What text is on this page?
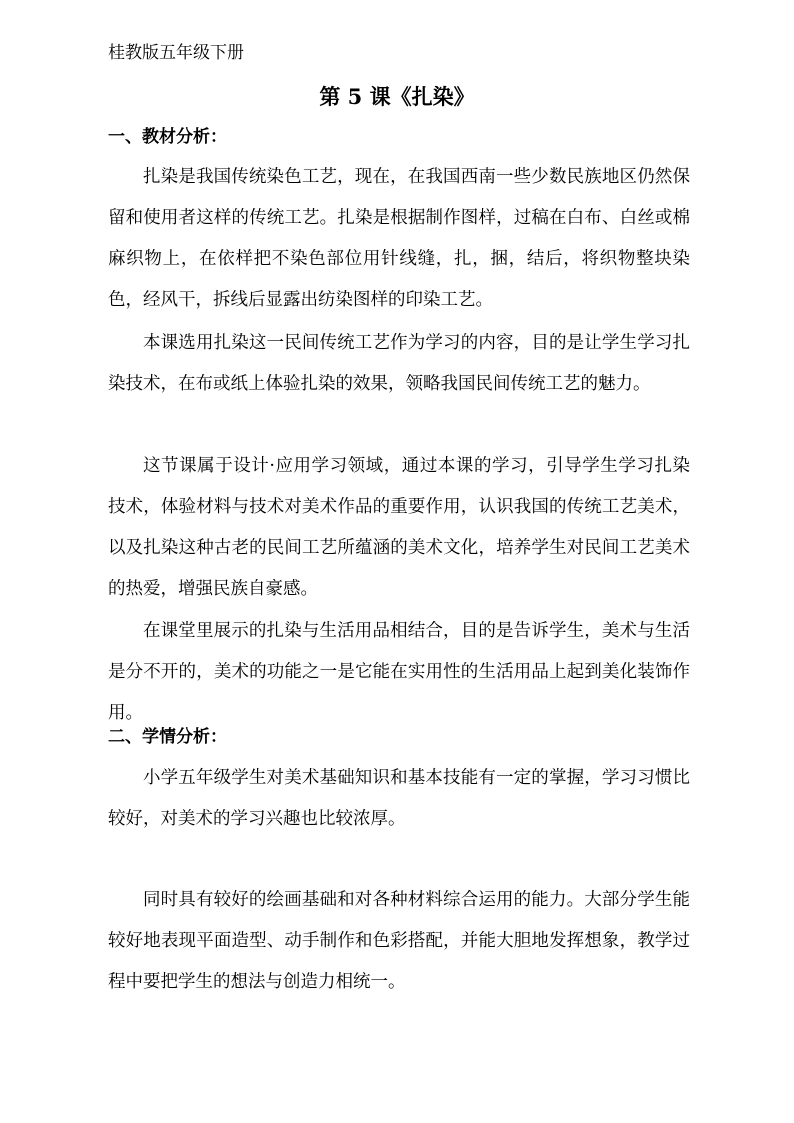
桂教版五年级下册
第 5 课《扎染》
一、教材分析：
扎染是我国传统染色工艺，现在，在我国西南一些少数民族地区仍然保留和使用者这样的传统工艺。扎染是根据制作图样，过稿在白布、白丝或棉麻织物上，在依样把不染色部位用针线缝，扎，捆，结后，将织物整块染色，经风干，拆线后显露出纺染图样的印染工艺。
本课选用扎染这一民间传统工艺作为学习的内容，目的是让学生学习扎染技术，在布或纸上体验扎染的效果，领略我国民间传统工艺的魅力。
这节课属于设计·应用学习领域，通过本课的学习，引导学生学习扎染技术，体验材料与技术对美术作品的重要作用，认识我国的传统工艺美术，以及扎染这种古老的民间工艺所蕴涵的美术文化，培养学生对民间工艺美术的热爱，增强民族自豪感。
在课堂里展示的扎染与生活用品相结合，目的是告诉学生，美术与生活是分不开的，美术的功能之一是它能在实用性的生活用品上起到美化装饰作用。
二、学情分析：
小学五年级学生对美术基础知识和基本技能有一定的掌握，学习习惯比较好，对美术的学习兴趣也比较浓厚。
同时具有较好的绘画基础和对各种材料综合运用的能力。大部分学生能较好地表现平面造型、动手制作和色彩搭配，并能大胆地发挥想象，教学过程中要把学生的想法与创造力相统一。
